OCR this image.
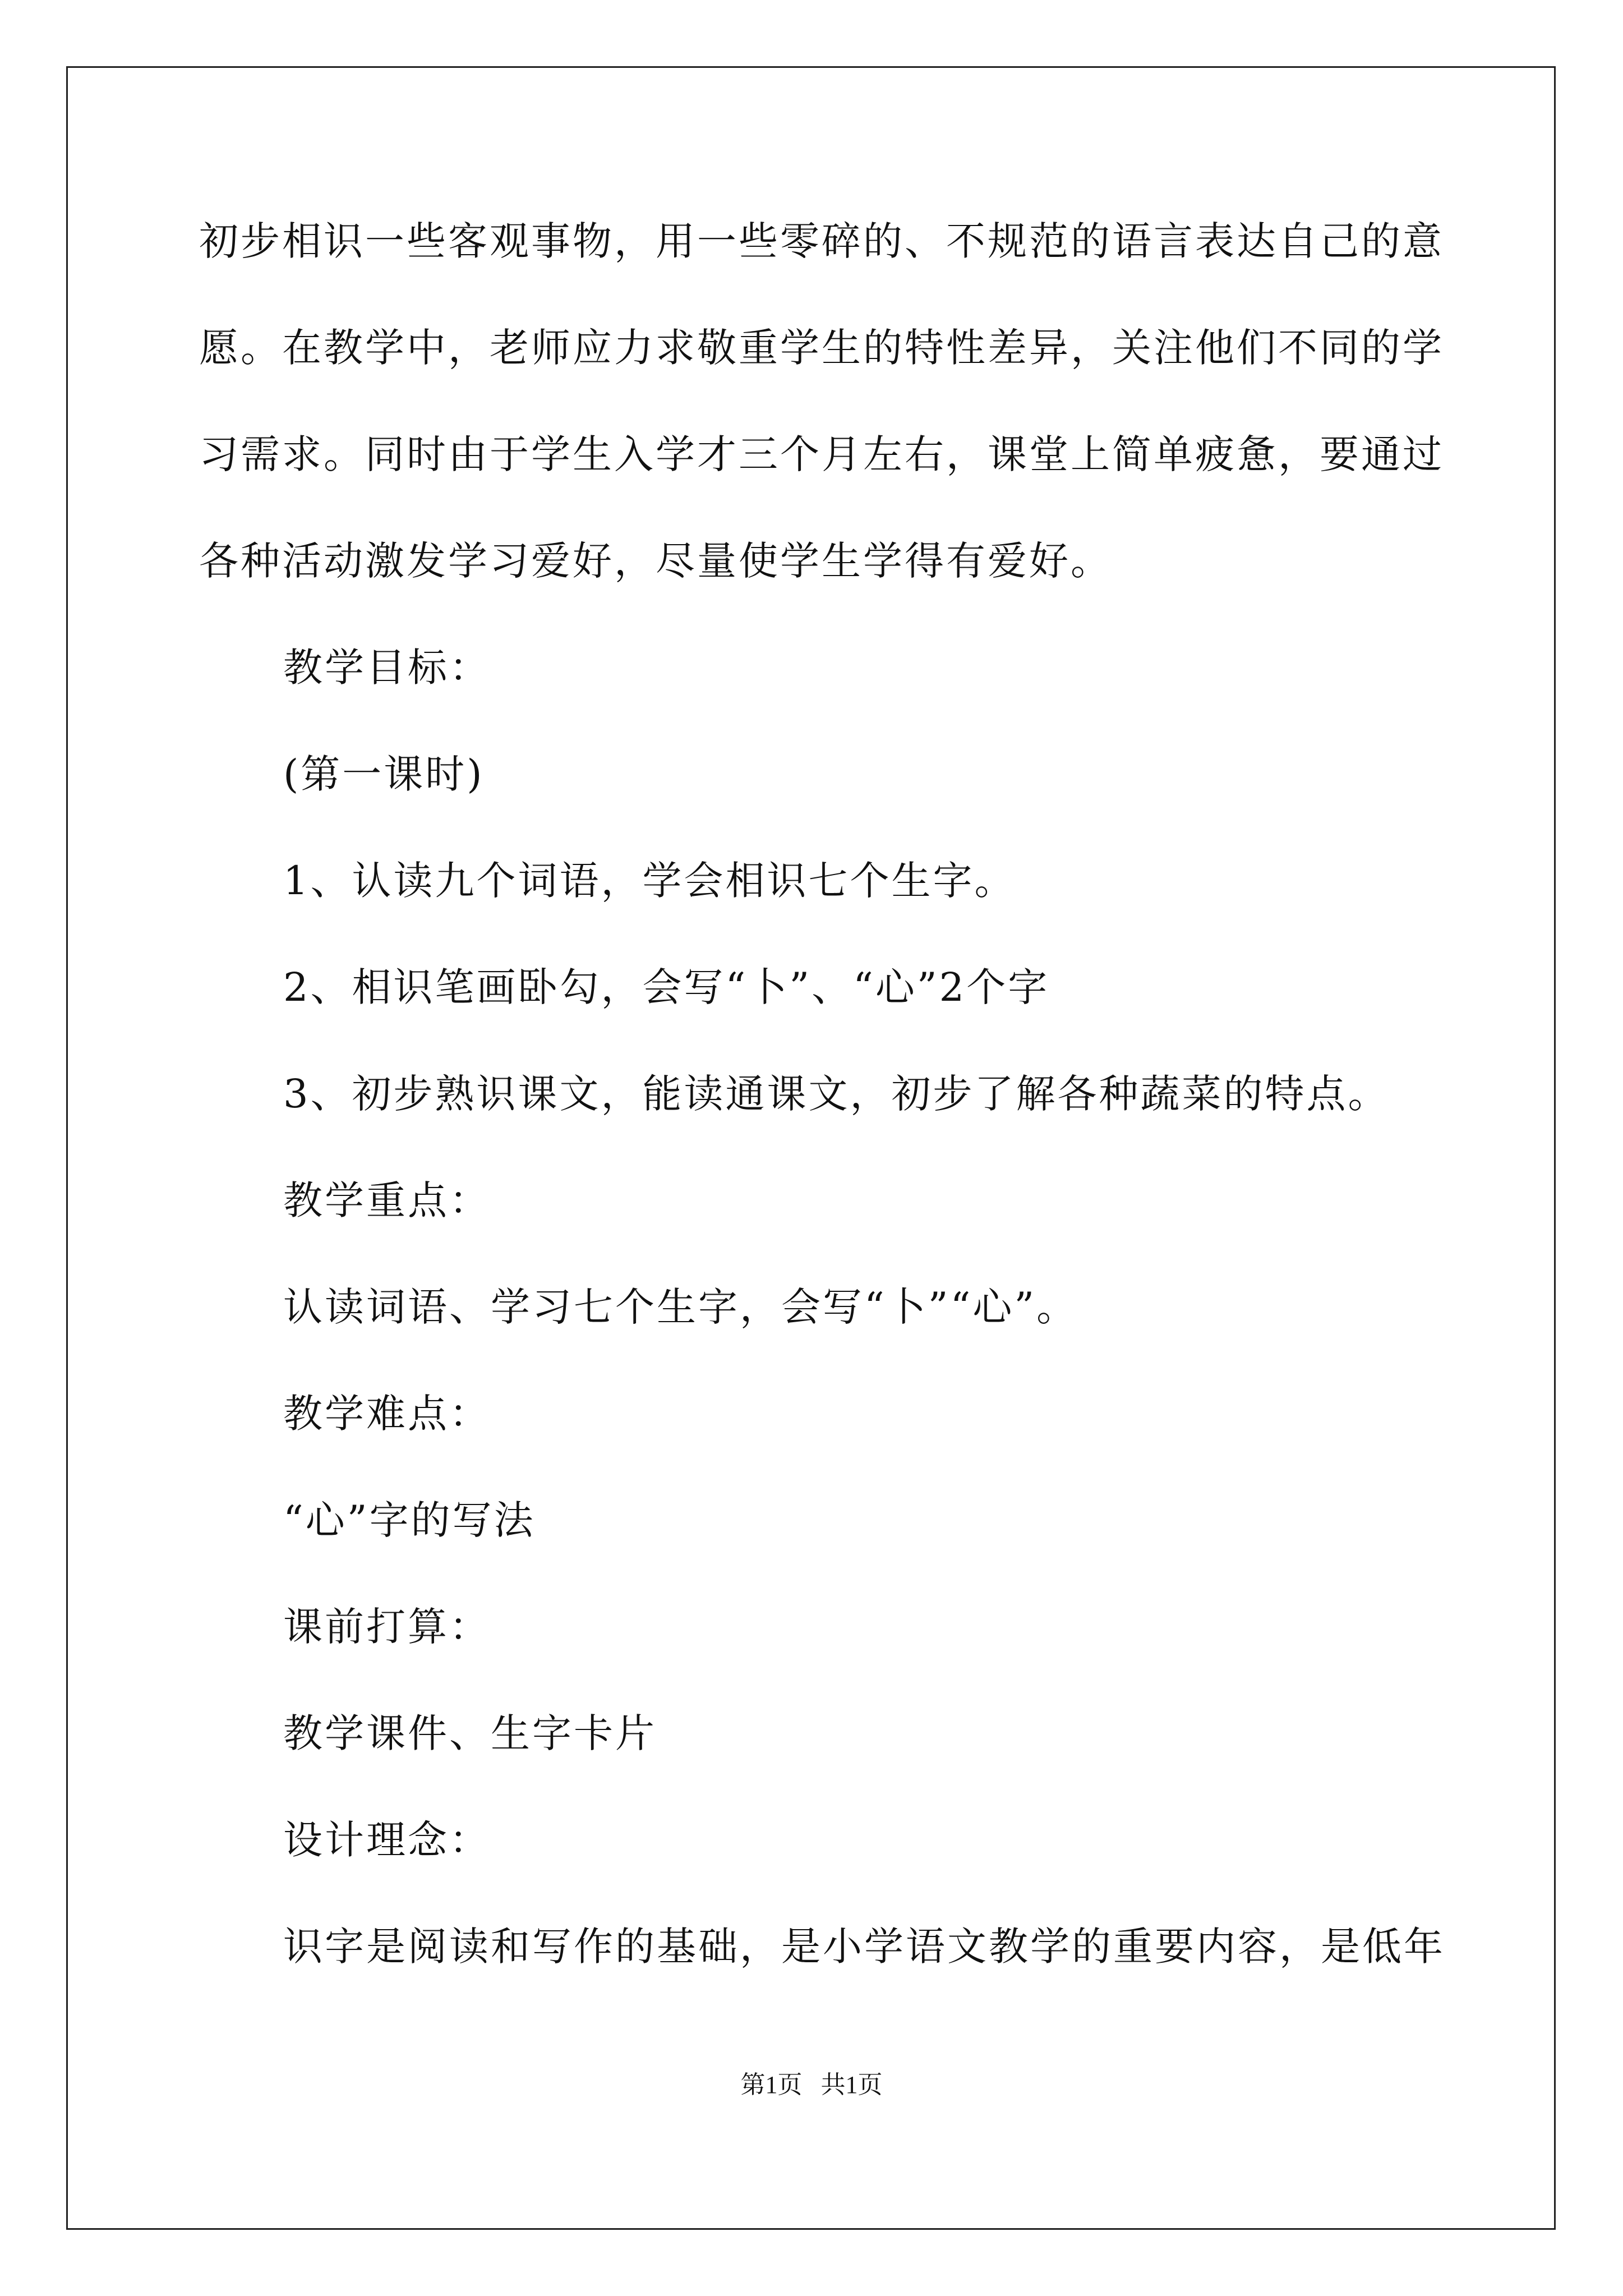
初步相识一些客观事物，用一些零碎的、不规范的语言表达自己的意
愿。在教学中，老师应力求敬重学生的特性差异，关注他们不同的学
习需求。同时由于学生入学才三个月左右，课堂上简单疲惫，要通过
各种活动激发学习爱好，尽量使学生学得有爱好。
教学目标：
(第一课时)
1、认读九个词语，学会相识七个生字。
2、相识笔画卧勾，会写“卜”、“心”2个字
3、初步熟识课文，能读通课文，初步了解各种蔬菜的特点。
教学重点：
认读词语、学习七个生字，会写“卜”“心”。
教学难点：
“心”字的写法
课前打算：
教学课件、生字卡片
设计理念：
识字是阅读和写作的基础，是小学语文教学的重要内容，是低年
第1页   共1页
